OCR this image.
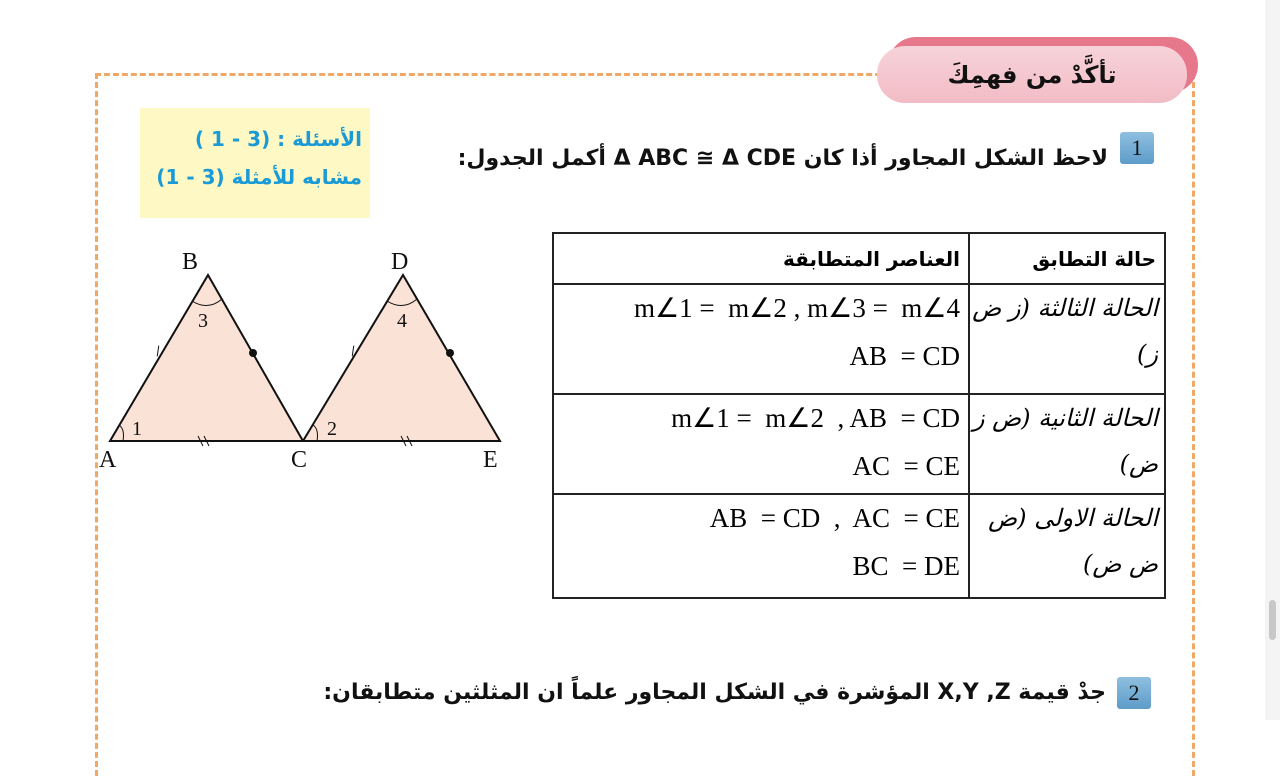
تأكَّدْ من فهمِكَ
الأسئلة : (3 - 1 )
مشابه للأمثلة (3 - 1)
1
لاحظ الشكل المجاور أذا كان Δ ABC ≅ Δ CDE أكمل الجدول:
A
B
C
D
E
1	2
3	4
العناصر المتطابقة	حالة التطابق

m∠1 =  m∠2 , m∠3 =  m∠4
AB  = CD	الحالة الثالثة (ز ض ز)

m∠1 =  m∠2  , AB  = CD
AC  = CE	الحالة الثانية (ض ز ض)

AB  = CD  ,  AC  = CE
BC  = DE	الحالة الاولى (ض ض ض)
2
جدْ قيمة X,Y ,Z المؤشرة في الشكل المجاور علماً ان المثلثين متطابقان:
